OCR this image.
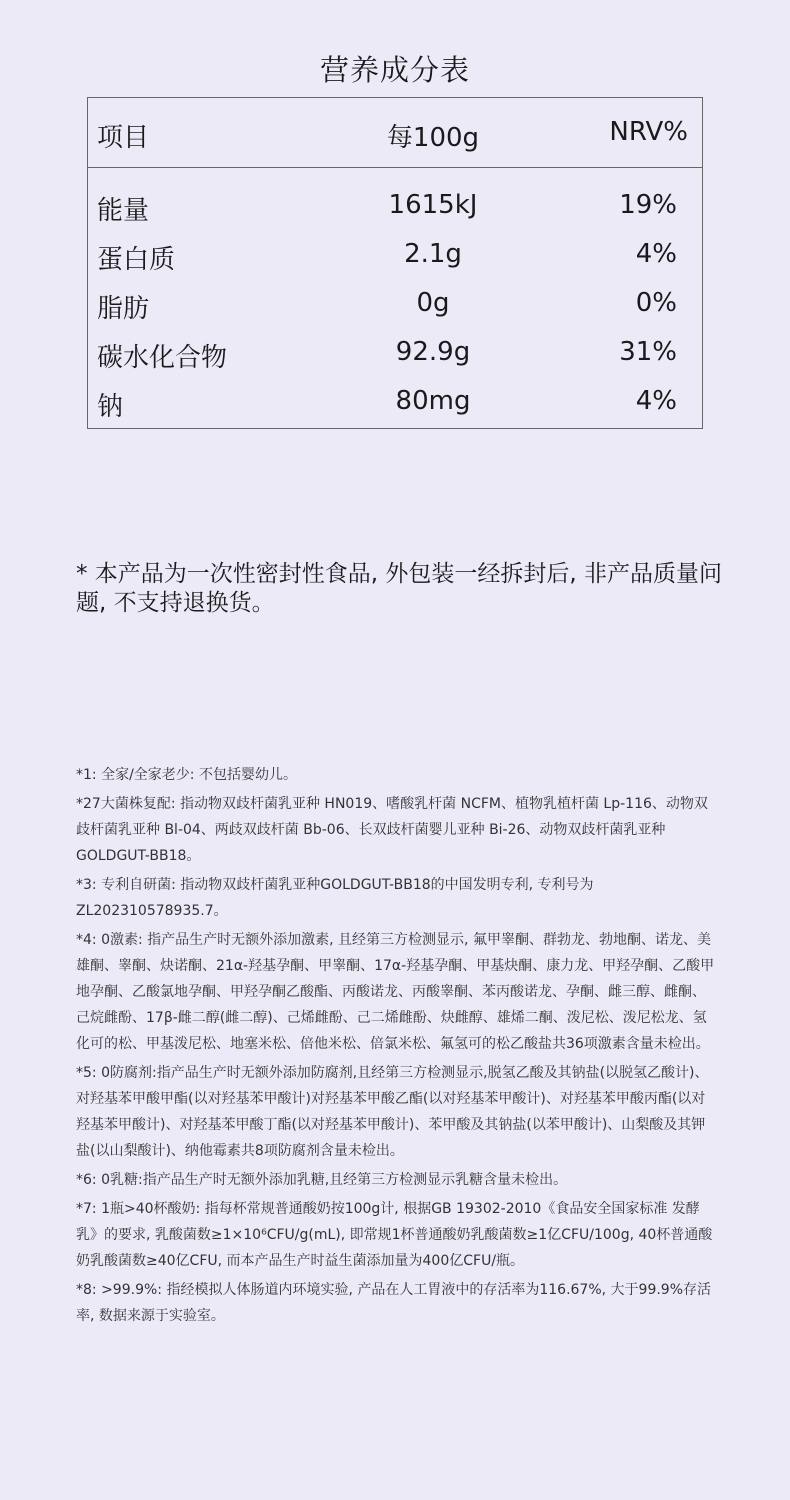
营养成分表
项目	每100g	NRV%
能量	1615kJ	19%
蛋白质	2.1g	4%
脂肪	0g	0%
碳水化合物	92.9g	31%
钠	80mg	4%
* 本产品为一次性密封性食品, 外包装一经拆封后, 非产品质量问题, 不支持退换货。

*1: 全家/全家老少: 不包括婴幼儿。

*27大菌株复配: 指动物双歧杆菌乳亚种 HN019、嗜酸乳杆菌 NCFM、植物乳植杆菌 Lp-116、动物双歧杆菌乳亚种 Bl-04、两歧双歧杆菌 Bb-06、长双歧杆菌婴儿亚种 Bi-26、动物双歧杆菌乳亚种GOLDGUT-BB18。

*3: 专利自研菌: 指动物双歧杆菌乳亚种GOLDGUT-BB18的中国发明专利, 专利号为ZL202310578935.7。

*4: 0激素: 指产品生产时无额外添加激素, 且经第三方检测显示, 氟甲睾酮、群勃龙、勃地酮、诺龙、美雄酮、睾酮、炔诺酮、21α-羟基孕酮、甲睾酮、17α-羟基孕酮、甲基炔酮、康力龙、甲羟孕酮、乙酸甲地孕酮、乙酸氯地孕酮、甲羟孕酮乙酸酯、丙酸诺龙、丙酸睾酮、苯丙酸诺龙、孕酮、雌三醇、雌酮、己烷雌酚、17β-雌二醇(雌二醇)、己烯雌酚、己二烯雌酚、炔雌醇、雄烯二酮、泼尼松、泼尼松龙、氢化可的松、甲基泼尼松、地塞米松、倍他米松、倍氯米松、氟氢可的松乙酸盐共36项激素含量未检出。

*5: 0防腐剂:指产品生产时无额外添加防腐剂,且经第三方检测显示,脱氢乙酸及其钠盐(以脱氢乙酸计)、对羟基苯甲酸甲酯(以对羟基苯甲酸计)对羟基苯甲酸乙酯(以对羟基苯甲酸计)、对羟基苯甲酸丙酯(以对羟基苯甲酸计)、对羟基苯甲酸丁酯(以对羟基苯甲酸计)、苯甲酸及其钠盐(以苯甲酸计)、山梨酸及其钾盐(以山梨酸计)、纳他霉素共8项防腐剂含量未检出。

*6: 0乳糖:指产品生产时无额外添加乳糖,且经第三方检测显示乳糖含量未检出。

*7: 1瓶>40杯酸奶: 指每杯常规普通酸奶按100g计, 根据GB 19302-2010《食品安全国家标准 发酵乳》的要求, 乳酸菌数≥1×10⁶CFU/g(mL), 即常规1杯普通酸奶乳酸菌数≥1亿CFU/100g, 40杯普通酸奶乳酸菌数≥40亿CFU, 而本产品生产时益生菌添加量为400亿CFU/瓶。

*8: >99.9%: 指经模拟人体肠道内环境实验, 产品在人工胃液中的存活率为116.67%, 大于99.9%存活率, 数据来源于实验室。
